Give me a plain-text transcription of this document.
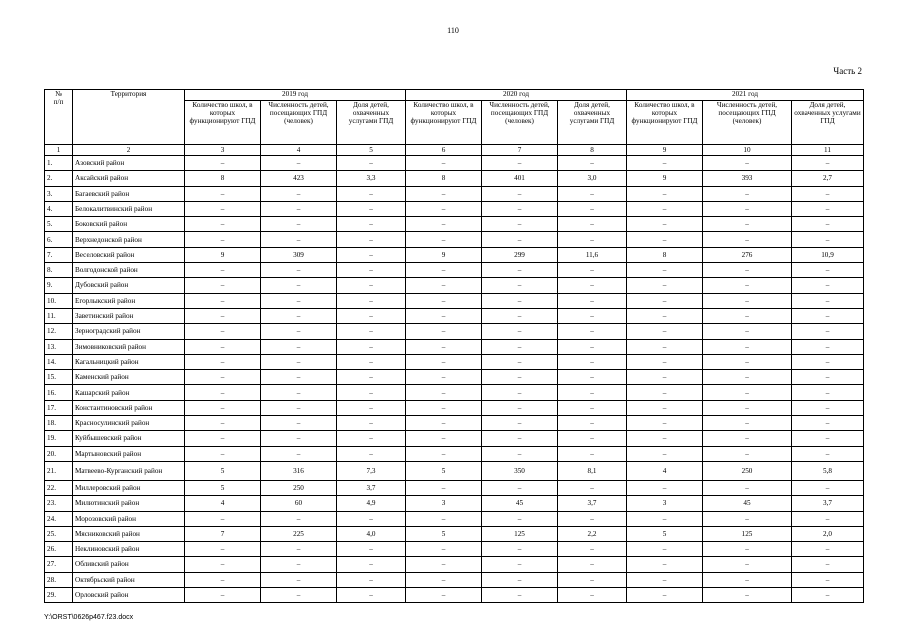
110
Часть 2
№
п/п	Территория	2019 год			2020 год			2021 год		
		Количество школ, в которых функционируют ГПД	Численность детей, посещающих ГПД (человек)	Доля детей, охваченных услугами ГПД	Количество школ, в которых функционируют ГПД	Численность детей, посещающих ГПД (человек)	Доля детей, охваченных услугами ГПД	Количество школ, в которых функционируют ГПД	Численность детей, посещающих ГПД (человек)	Доля детей, охваченных услугами ГПД
1	2	3	4	5	6	7	8	9	10	11
1.	Азовский район	–	–	–	–	–	–	–	–	–
2.	Аксайский район	8	423	3,3	8	401	3,0	9	393	2,7
3.	Багаевский район	–	–	–	–	–	–	–	–	–
4.	Белокалитвинский район	–	–	–	–	–	–	–	–	–
5.	Боковский район	–	–	–	–	–	–	–	–	–
6.	Верхнедонской район	–	–	–	–	–	–	–	–	–
7.	Веселовский район	9	309	–	9	299	11,6	8	276	10,9
8.	Волгодонской район	–	–	–	–	–	–	–	–	–
9.	Дубовский район	–	–	–	–	–	–	–	–	–
10.	Егорлыкский район	–	–	–	–	–	–	–	–	–
11.	Заветинский район	–	–	–	–	–	–	–	–	–
12.	Зерноградский район	–	–	–	–	–	–	–	–	–
13.	Зимовниковский район	–	–	–	–	–	–	–	–	–
14.	Кагальницкий район	–	–	–	–	–	–	–	–	–
15.	Каменский район	–	–	–	–	–	–	–	–	–
16.	Кашарский район	–	–	–	–	–	–	–	–	–
17.	Константиновский район	–	–	–	–	–	–	–	–	–
18.	Красносулинский район	–	–	–	–	–	–	–	–	–
19.	Куйбышевский район	–	–	–	–	–	–	–	–	–
20.	Мартыновский район	–	–	–	–	–	–	–	–	–
21.	Матвеево-Курганский район	5	316	7,3	5	350	8,1	4	250	5,8
22.	Миллеровский район	5	250	3,7	–	–	–	–	–	–
23.	Милютинский район	4	60	4,9	3	45	3,7	3	45	3,7
24.	Морозовский район	–	–	–	–	–	–	–	–	–
25.	Мясниковский район	7	225	4,0	5	125	2,2	5	125	2,0
26.	Неклиновский район	–	–	–	–	–	–	–	–	–
27.	Обливский район	–	–	–	–	–	–	–	–	–
28.	Октябрьский район	–	–	–	–	–	–	–	–	–
29.	Орловский район	–	–	–	–	–	–	–	–	–
Y:\ORST\0626p467.f23.docx
